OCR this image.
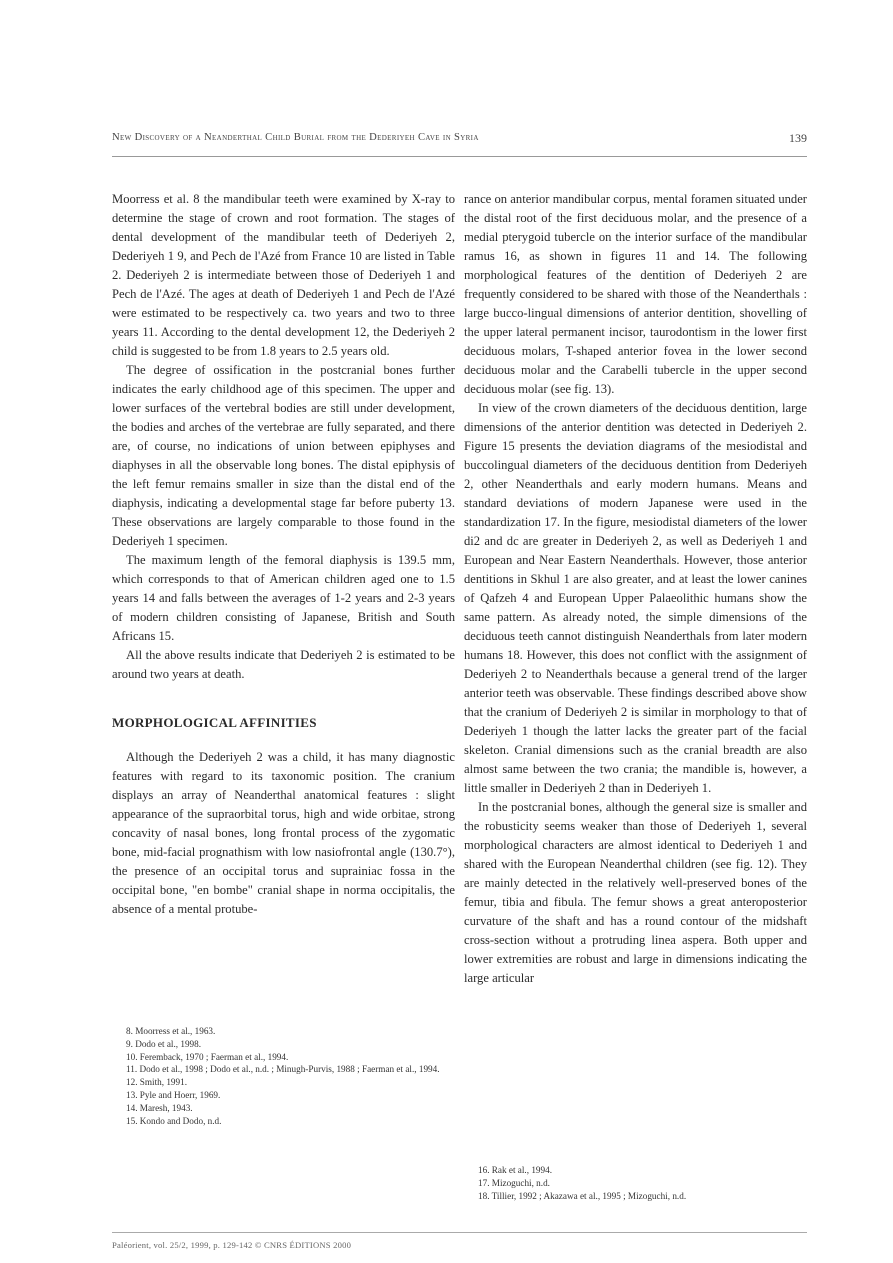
New Discovery of a Neanderthal Child Burial from the Dederiyeh Cave in Syria	139

Moorress et al. 8 the mandibular teeth were examined by X-ray to determine the stage of crown and root formation. The stages of dental development of the mandibular teeth of Dederiyeh 2, Dederiyeh 1 9, and Pech de l'Azé from France 10 are listed in Table 2. Dederiyeh 2 is intermediate between those of Dederiyeh 1 and Pech de l'Azé. The ages at death of Dederiyeh 1 and Pech de l'Azé were estimated to be respectively ca. two years and two to three years 11. According to the dental development 12, the Dederiyeh 2 child is suggested to be from 1.8 years to 2.5 years old.

The degree of ossification in the postcranial bones further indicates the early childhood age of this specimen. The upper and lower surfaces of the vertebral bodies are still under development, the bodies and arches of the vertebrae are fully separated, and there are, of course, no indications of union between epiphyses and diaphyses in all the observable long bones. The distal epiphysis of the left femur remains smaller in size than the distal end of the diaphysis, indicating a developmental stage far before puberty 13. These observations are largely comparable to those found in the Dederiyeh 1 specimen.

The maximum length of the femoral diaphysis is 139.5 mm, which corresponds to that of American children aged one to 1.5 years 14 and falls between the averages of 1-2 years and 2-3 years of modern children consisting of Japanese, British and South Africans 15.

All the above results indicate that Dederiyeh 2 is estimated to be around two years at death.

MORPHOLOGICAL AFFINITIES

Although the Dederiyeh 2 was a child, it has many diagnostic features with regard to its taxonomic position. The cranium displays an array of Neanderthal anatomical features : slight appearance of the supraorbital torus, high and wide orbitae, strong concavity of nasal bones, long frontal process of the zygomatic bone, mid-facial prognathism with low nasiofrontal angle (130.7°), the presence of an occipital torus and suprainiac fossa in the occipital bone, "en bombe" cranial shape in norma occipitalis, the absence of a mental protube-

rance on anterior mandibular corpus, mental foramen situated under the distal root of the first deciduous molar, and the presence of a medial pterygoid tubercle on the interior surface of the mandibular ramus 16, as shown in figures 11 and 14. The following morphological features of the dentition of Dederiyeh 2 are frequently considered to be shared with those of the Neanderthals : large bucco-lingual dimensions of anterior dentition, shovelling of the upper lateral permanent incisor, taurodontism in the lower first deciduous molars, T-shaped anterior fovea in the lower second deciduous molar and the Carabelli tubercle in the upper second deciduous molar (see fig. 13).

In view of the crown diameters of the deciduous dentition, large dimensions of the anterior dentition was detected in Dederiyeh 2. Figure 15 presents the deviation diagrams of the mesiodistal and buccolingual diameters of the deciduous dentition from Dederiyeh 2, other Neanderthals and early modern humans. Means and standard deviations of modern Japanese were used in the standardization 17. In the figure, mesiodistal diameters of the lower di2 and dc are greater in Dederiyeh 2, as well as Dederiyeh 1 and European and Near Eastern Neanderthals. However, those anterior dentitions in Skhul 1 are also greater, and at least the lower canines of Qafzeh 4 and European Upper Palaeolithic humans show the same pattern. As already noted, the simple dimensions of the deciduous teeth cannot distinguish Neanderthals from later modern humans 18. However, this does not conflict with the assignment of Dederiyeh 2 to Neanderthals because a general trend of the larger anterior teeth was observable. These findings described above show that the cranium of Dederiyeh 2 is similar in morphology to that of Dederiyeh 1 though the latter lacks the greater part of the facial skeleton. Cranial dimensions such as the cranial breadth are also almost same between the two crania; the mandible is, however, a little smaller in Dederiyeh 2 than in Dederiyeh 1.

In the postcranial bones, although the general size is smaller and the robusticity seems weaker than those of Dederiyeh 1, several morphological characters are almost identical to Dederiyeh 1 and shared with the European Neanderthal children (see fig. 12). They are mainly detected in the relatively well-preserved bones of the femur, tibia and fibula. The femur shows a great anteroposterior curvature of the shaft and has a round contour of the midshaft cross-section without a protruding linea aspera. Both upper and lower extremities are robust and large in dimensions indicating the large articular

8. Moorress et al., 1963.

9. Dodo et al., 1998.

10. Feremback, 1970 ; Faerman et al., 1994.

11. Dodo et al., 1998 ; Dodo et al., n.d. ; Minugh-Purvis, 1988 ; Faerman et al., 1994.

12. Smith, 1991.

13. Pyle and Hoerr, 1969.

14. Maresh, 1943.

15. Kondo and Dodo, n.d.

16. Rak et al., 1994.

17. Mizoguchi, n.d.

18. Tillier, 1992 ; Akazawa et al., 1995 ; Mizoguchi, n.d.

Paléorient, vol. 25/2, 1999, p. 129-142 © CNRS ÉDITIONS 2000
